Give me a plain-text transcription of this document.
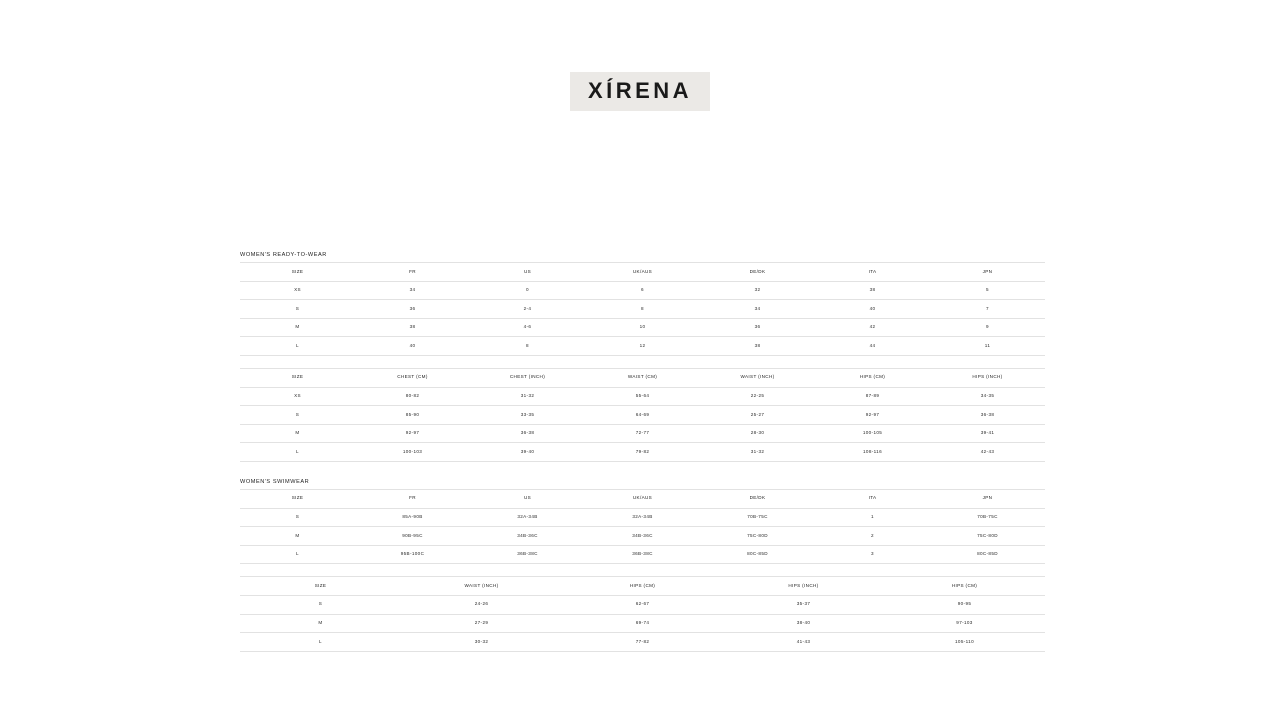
XÍRENA
WOMEN'S READY-TO-WEAR
SIZE	FR	US	UK/AUS	DE/DK	ITA	JPN
XS	34	0	6	32	38	5
S	36	2-4	8	34	40	7
M	38	4-6	10	36	42	9
L	40	8	12	38	44	11
SIZE	CHEST (CM)	CHEST (INCH)	WAIST (CM)	WAIST (INCH)	HIPS (CM)	HIPS (INCH)
XS	80-82	31-32	55-64	22-25	87-89	34-35
S	85-90	33-35	64-69	25-27	92-97	36-38
M	92-97	36-38	72-77	28-30	100-105	39-41
L	100-103	39-40	79-82	31-32	108-116	42-43
WOMEN'S SWIMWEAR
SIZE	FR	US	UK/AUS	DE/DK	ITA	JPN
S	85A-90B	32A-34B	32A-34B	70B-75C	1	70B-75C
M	90B-95C	34B-36C	34B-36C	75C-80D	2	75C-80D
L	95B-100C	36B-38C	36B-38C	80C-85D	3	80C-85D
SIZE	WAIST (INCH)	HIPS (CM)	HIPS (INCH)	HIPS (CM)
S	24-26	62-67	35-37	90-95
M	27-29	69-74	38-40	97-103
L	30-32	77-82	41-43	105-110
